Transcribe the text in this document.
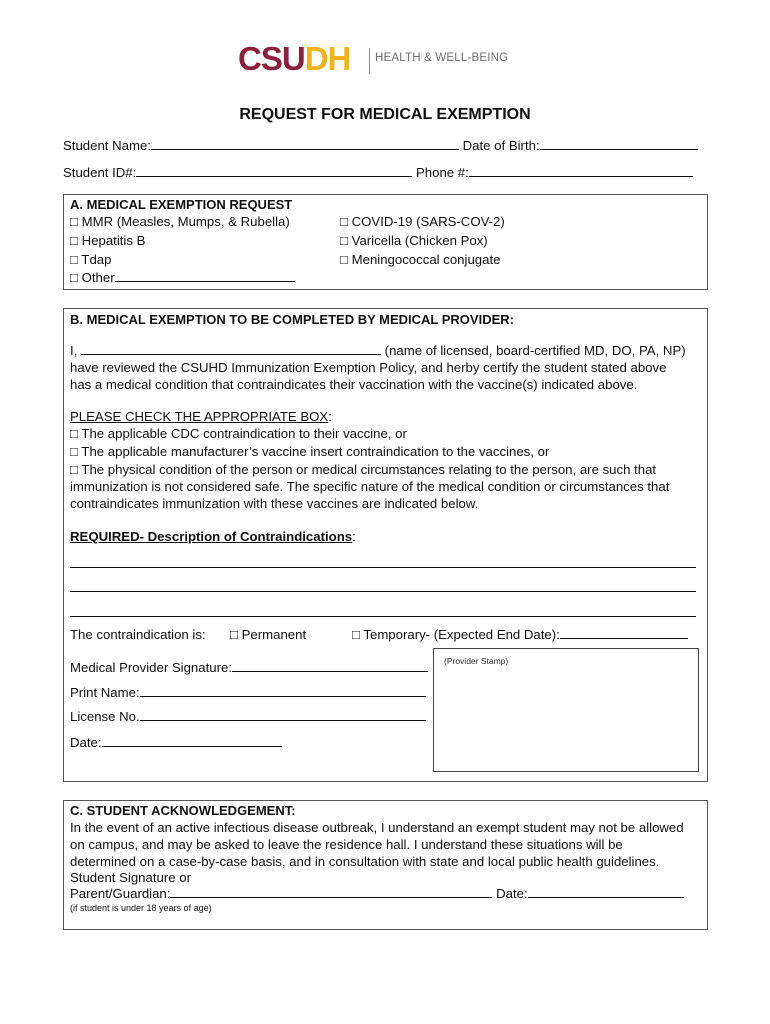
CSUDH HEALTH & WELL-BEING
REQUEST FOR MEDICAL EXEMPTION
Student Name:	Date of Birth:
Student ID#:	Phone #:
A. MEDICAL EXEMPTION REQUEST
□ MMR (Measles, Mumps, & Rubella)
□ Hepatitis B
□ Tdap
□ Other
□ COVID-19 (SARS-COV-2)
□ Varicella (Chicken Pox)
□ Meningococcal conjugate
B. MEDICAL EXEMPTION TO BE COMPLETED BY MEDICAL PROVIDER:
I,	(name of licensed, board-certified MD, DO, PA, NP)
have reviewed the CSUHD Immunization Exemption Policy, and herby certify the student stated above
has a medical condition that contraindicates their vaccination with the vaccine(s) indicated above.
PLEASE CHECK THE APPROPRIATE BOX:
□ The applicable CDC contraindication to their vaccine, or
□ The applicable manufacturer’s vaccine insert contraindication to the vaccines, or
□ The physical condition of the person or medical circumstances relating to the person, are such that
immunization is not considered safe. The specific nature of the medical condition or circumstances that
contraindicates immunization with these vaccines are indicated below.
REQUIRED- Description of Contraindications:
The contraindication is: □ Permanent	□ Temporary- (Expected End Date):
Medical Provider Signature:
Print Name:
License No.
Date:
(Provider Stamp)
C. STUDENT ACKNOWLEDGEMENT:
In the event of an active infectious disease outbreak, I understand an exempt student may not be allowed
on campus, and may be asked to leave the residence hall. I understand these situations will be
determined on a case-by-case basis, and in consultation with state and local public health guidelines.
Student Signature or
Parent/Guardian:	Date:
(if student is under 18 years of age)
